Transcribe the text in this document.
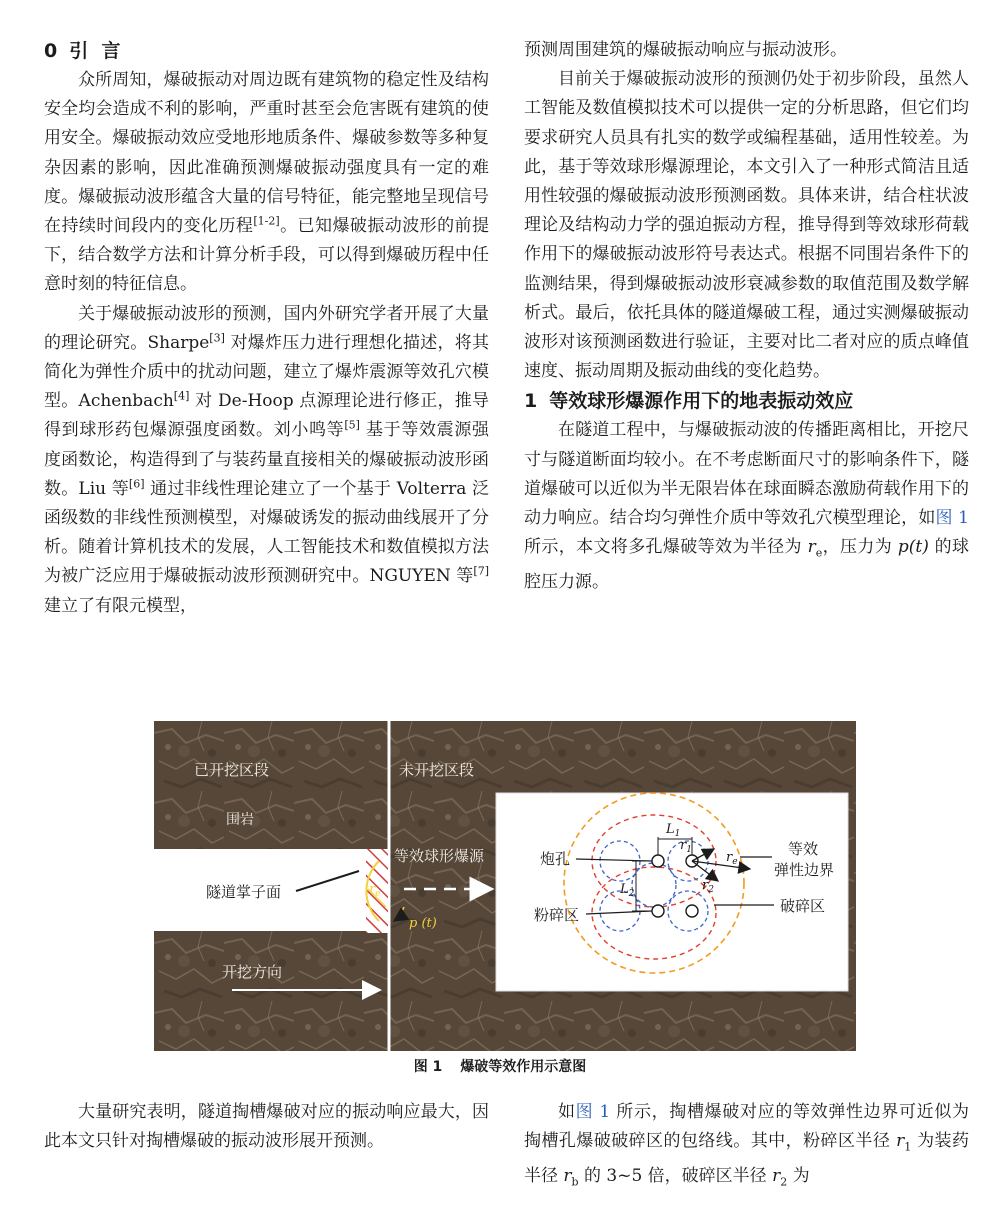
0 引  言

众所周知，爆破振动对周边既有建筑物的稳定性及结构安全均会造成不利的影响，严重时甚至会危害既有建筑的使用安全。爆破振动效应受地形地质条件、爆破参数等多种复杂因素的影响，因此准确预测爆破振动强度具有一定的难度。爆破振动波形蕴含大量的信号特征，能完整地呈现信号在持续时间段内的变化历程[1-2]。已知爆破振动波形的前提下，结合数学方法和计算分析手段，可以得到爆破历程中任意时刻的特征信息。

关于爆破振动波形的预测，国内外研究学者开展了大量的理论研究。Sharpe[3] 对爆炸压力进行理想化描述，将其简化为弹性介质中的扰动问题，建立了爆炸震源等效孔穴模型。Achenbach[4] 对 De-Hoop 点源理论进行修正，推导得到球形药包爆源强度函数。刘小鸣等[5] 基于等效震源强度函数论，构造得到了与装药量直接相关的爆破振动波形函数。Liu 等[6] 通过非线性理论建立了一个基于 Volterra 泛函级数的非线性预测模型，对爆破诱发的振动曲线展开了分析。随着计算机技术的发展，人工智能技术和数值模拟方法为被广泛应用于爆破振动波形预测研究中。NGUYEN 等[7] 建立了有限元模型，

预测周围建筑的爆破振动响应与振动波形。

目前关于爆破振动波形的预测仍处于初步阶段，虽然人工智能及数值模拟技术可以提供一定的分析思路，但它们均要求研究人员具有扎实的数学或编程基础，适用性较差。为此，基于等效球形爆源理论，本文引入了一种形式简洁且适用性较强的爆破振动波形预测函数。具体来讲，结合柱状波理论及结构动力学的强迫振动方程，推导得到等效球形荷载作用下的爆破振动波形符号表达式。根据不同围岩条件下的监测结果，得到爆破振动波形衰减参数的取值范围及数学解析式。最后，依托具体的隧道爆破工程，通过实测爆破振动波形对该预测函数进行验证，主要对比二者对应的质点峰值速度、振动周期及振动曲线的变化趋势。

1 等效球形爆源作用下的地表振动效应

在隧道工程中，与爆破振动波的传播距离相比，开挖尺寸与隧道断面均较小。在不考虑断面尺寸的影响条件下，隧道爆破可以近似为半无限岩体在球面瞬态激励荷载作用下的动力响应。结合均匀弹性介质中等效孔穴模型理论，如图 1 所示，本文将多孔爆破等效为半径为 $r_e$，压力为 p(t) 的球腔压力源。

已开挖区段
围岩
未开挖区段
等效球形爆源
隧道掌子面	$r_e$
p (t)
开挖方向
$L_1$
$L_2$
$r_1$
$r_2$
$r_e$
炮孔
粉碎区
等效
弹性边界
破碎区
图 1 爆破等效作用示意图

大量研究表明，隧道掏槽爆破对应的振动响应最大，因此本文只针对掏槽爆破的振动波形展开预测。

如图 1 所示，掏槽爆破对应的等效弹性边界可近似为掏槽孔爆破破碎区的包络线。其中，粉碎区半径 $r_1$ 为装药半径 $r_b$ 的 3~5 倍，破碎区半径 $r_2$ 为
